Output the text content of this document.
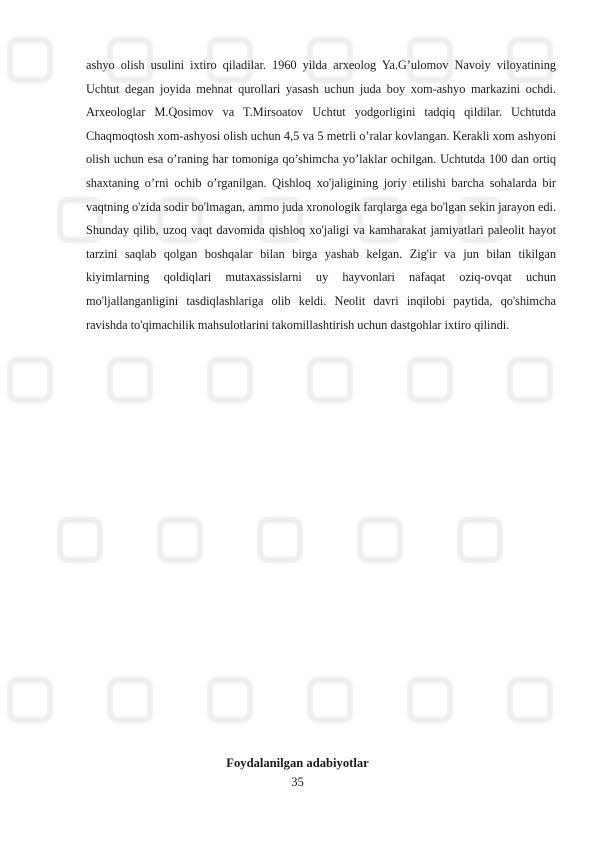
ashyo olish usulini ixtiro qiladilar. 1960 yilda arxeolog Ya.G’ulomov Navoiy viloyatining Uchtut degan joyida mehnat qurollari yasash uchun juda boy xom-ashyo markazini ochdi. Arxeologlar M.Qosimov va T.Mirsoatov Uchtut yodgorligini tadqiq qildilar. Uchtutda Chaqmoqtosh xom-ashyosi olish uchun 4,5 va 5 metrli o’ralar kovlangan. Kerakli xom ashyoni olish uchun esa o’raning har tomoniga qo’shimcha yo’laklar ochilgan. Uchtutda 100 dan ortiq shaxtaning o’rni ochib o’rganilgan. Qishloq xo'jaligining joriy etilishi barcha sohalarda bir vaqtning o'zida sodir bo'lmagan, ammo juda xronologik farqlarga ega bo'lgan sekin jarayon edi. Shunday qilib, uzoq vaqt davomida qishloq xo'jaligi va kamharakat jamiyatlari paleolit hayot tarzini saqlab qolgan boshqalar bilan birga yashab kelgan. Zig'ir va jun bilan tikilgan kiyimlarning qoldiqlari mutaxassislarni uy hayvonlari nafaqat oziq-ovqat uchun mo'ljallanganligini tasdiqlashlariga olib keldi. Neolit davri inqilobi paytida, qo'shimcha ravishda to'qimachilik mahsulotlarini takomillashtirish uchun dastgohlar ixtiro qilindi.

Foydalanilgan adabiyotlar
35
